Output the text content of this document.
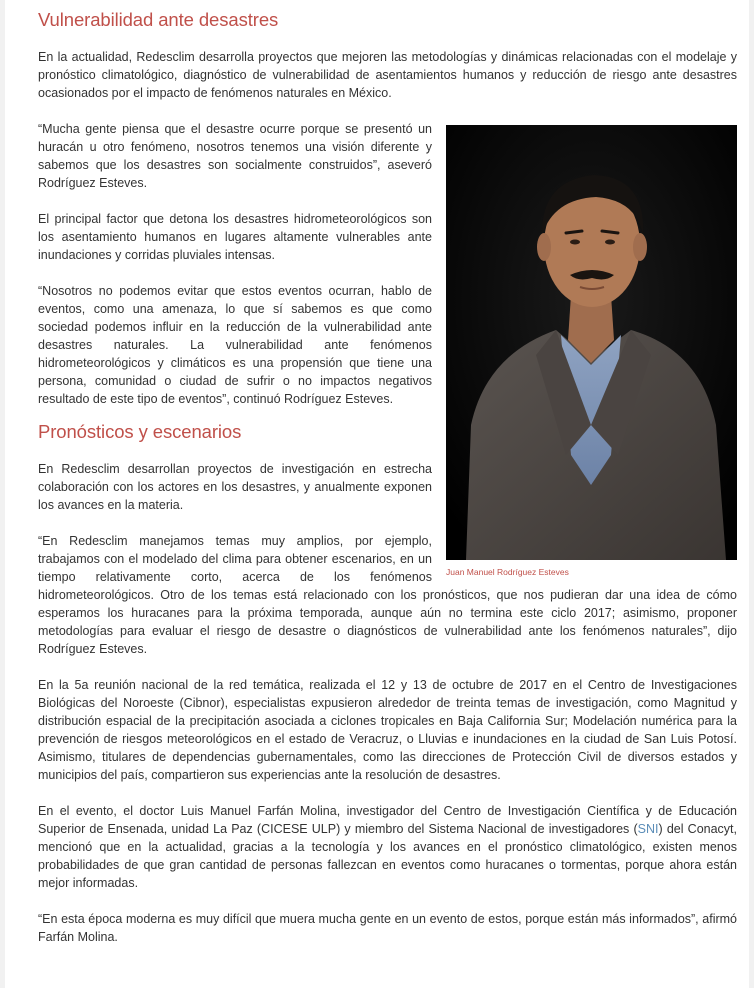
Vulnerabilidad ante desastres

En la actualidad, Redesclim desarrolla proyectos que mejoren las metodologías y dinámicas relacionadas con el modelaje y pronóstico climatológico, diagnóstico de vulnerabilidad de asentamientos humanos y reducción de riesgo ante desastres ocasionados por el impacto de fenómenos naturales en México.

Juan Manuel Rodríguez Esteves

“Mucha gente piensa que el desastre ocurre porque se presentó un huracán u otro fenómeno, nosotros tenemos una visión diferente y sabemos que los desastres son socialmente construidos”, aseveró Rodríguez Esteves.

El principal factor que detona los desastres hidrometeorológicos son los asentamiento humanos en lugares altamente vulnerables ante inundaciones y corridas pluviales intensas.

“Nosotros no podemos evitar que estos eventos ocurran, hablo de eventos, como una amenaza, lo que sí sabemos es que como sociedad podemos influir en la reducción de la vulnerabilidad ante desastres naturales. La vulnerabilidad ante fenómenos hidrometeorológicos y climáticos es una propensión que tiene una persona, comunidad o ciudad de sufrir o no impactos negativos resultado de este tipo de eventos”, continuó Rodríguez Esteves.

Pronósticos y escenarios

En Redesclim desarrollan proyectos de investigación en estrecha colaboración con los actores en los desastres, y anualmente exponen los avances en la materia.

“En Redesclim manejamos temas muy amplios, por ejemplo, trabajamos con el modelado del clima para obtener escenarios, en un tiempo relativamente corto, acerca de los fenómenos hidrometeorológicos. Otro de los temas está relacionado con los pronósticos, que nos pudieran dar una idea de cómo esperamos los huracanes para la próxima temporada, aunque aún no termina este ciclo 2017; asimismo, proponer metodologías para evaluar el riesgo de desastre o diagnósticos de vulnerabilidad ante los fenómenos naturales”, dijo Rodríguez Esteves.

En la 5a reunión nacional de la red temática, realizada el 12 y 13 de octubre de 2017 en el Centro de Investigaciones Biológicas del Noroeste (Cibnor), especialistas expusieron alrededor de treinta temas de investigación, como Magnitud y distribución espacial de la precipitación asociada a ciclones tropicales en Baja California Sur; Modelación numérica para la prevención de riesgos meteorológicos en el estado de Veracruz, o Lluvias e inundaciones en la ciudad de San Luis Potosí. Asimismo, titulares de dependencias gubernamentales, como las direcciones de Protección Civil de diversos estados y municipios del país, compartieron sus experiencias ante la resolución de desastres.

En el evento, el doctor Luis Manuel Farfán Molina, investigador del Centro de Investigación Científica y de Educación Superior de Ensenada, unidad La Paz (CICESE ULP) y miembro del Sistema Nacional de investigadores (SNI) del Conacyt, mencionó que en la actualidad, gracias a la tecnología y los avances en el pronóstico climatológico, existen menos probabilidades de que gran cantidad de personas fallezcan en eventos como huracanes o tormentas, porque ahora están mejor informadas.

“En esta época moderna es muy difícil que muera mucha gente en un evento de estos, porque están más informados”, afirmó Farfán Molina.
